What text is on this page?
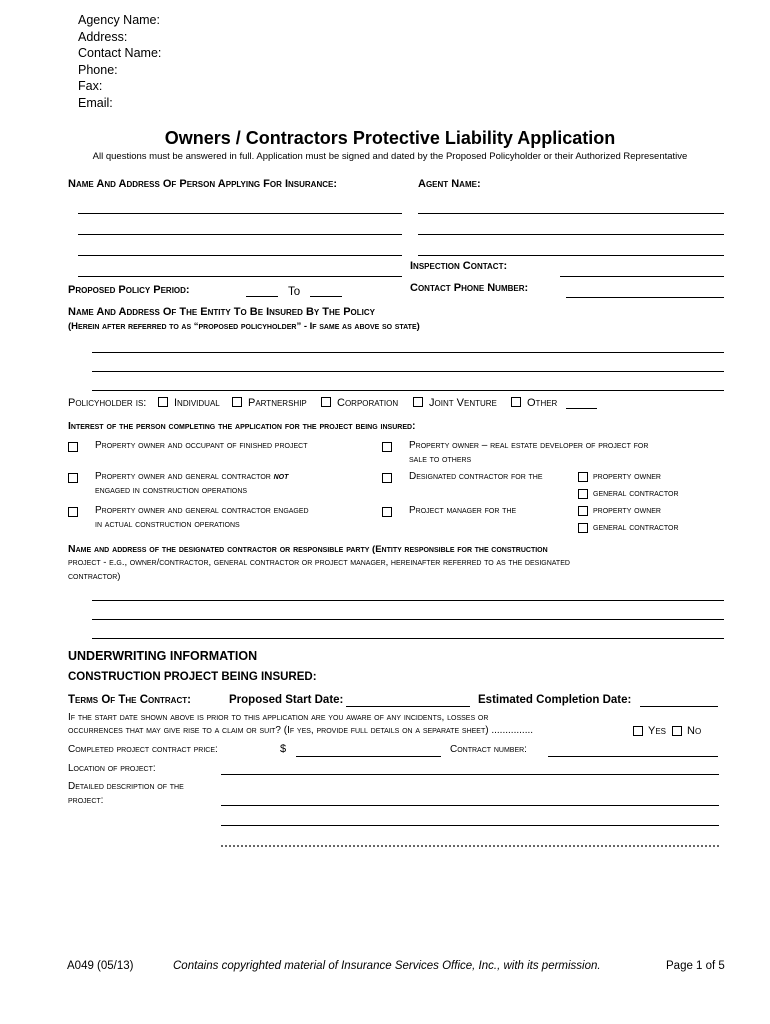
Agency Name:
Address:
Contact Name:
Phone:
Fax:
Email:
Owners / Contractors Protective Liability Application
All questions must be answered in full. Application must be signed and dated by the Proposed Policyholder or their Authorized Representative
Name And Address Of Person Applying For Insurance:	Agent Name:
Inspection Contact:
Proposed Policy Period:	To	Contact Phone Number:
Name And Address Of The Entity To Be Insured By The Policy
(Herein after referred to as “proposed policyholder” - If same as above so state)
Policyholder is:	Individual	Partnership	Corporation	Joint Venture	Other
Interest of the person completing the application for the project being insured:
Property owner and occupant of finished project	Property owner – real estate developer of project for
sale to others
Property owner and general contractor not
engaged in construction operations
Designated contractor for the	property owner
general contractor
Property owner and general contractor engaged
in actual construction operations
Project manager for the	property owner
general contractor
Name and address of the designated contractor or responsible party (Entity responsible for the construction
project - e.g., owner/contractor, general contractor or project manager, hereinafter referred to as the designated
contractor)
UNDERWRITING INFORMATION
CONSTRUCTION PROJECT BEING INSURED:
Terms Of The Contract:	Proposed Start Date:	Estimated Completion Date:
If the start date shown above is prior to this application are you aware of any incidents, losses or
occurrences that may give rise to a claim or suit? (If yes, provide full details on a separate sheet) ...............	Yes No
Completed project contract price:	$	Contract number:
Location of project:
Detailed description of the
project:
A049 (05/13)	Contains copyrighted material of Insurance Services Office, Inc., with its permission.	Page 1 of 5
